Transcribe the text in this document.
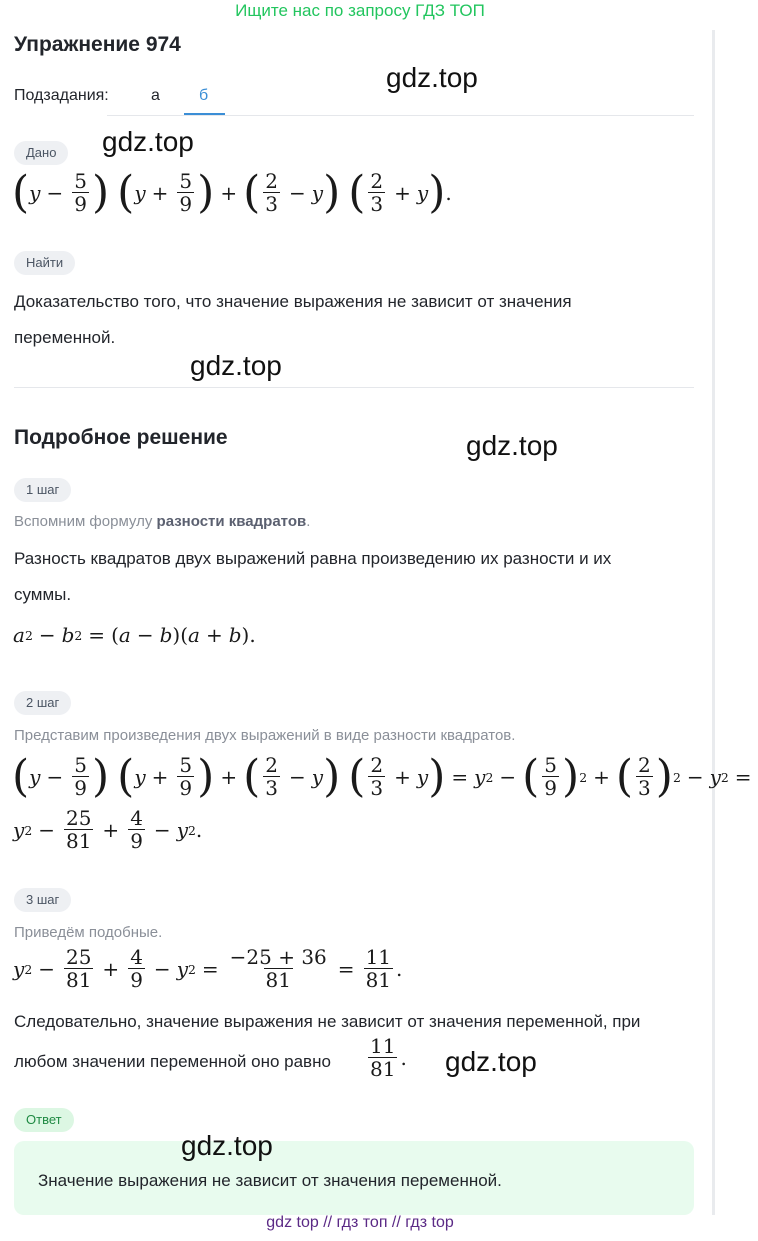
Ищите нас по запросу ГДЗ ТОП
Упражнение 974
Подзадания:	а б
gdz.top
Дано	gdz.top
( $y - \frac{5}{9}$ ) ( $y + \frac{5}{9}$ ) + ( $\frac{2}{3} - y$ ) ( $\frac{2}{3} + y$ ) .
Найти
Доказательство того, что значение выражения не зависит от значения
переменной.
gdz.top
Подробное решение	gdz.top
1 шаг
Вспомним формулу разности квадратов.
Разность квадратов двух выражений равна произведению их разности и их
суммы.
a 2 − b 2 = ( a − b )( a + b ).
2 шаг
Представим произведения двух выражений в виде разности квадратов.
( $y - \frac{5}{9}$ ) ( $y + \frac{5}{9}$ ) + ( $\frac{2}{3} - y$ ) ( $\frac{2}{3} + y$ ) = y 2 − ( $\frac{5}{9}$ ) 2 + ( $\frac{2}{3}$ ) 2 − y 2 =
y $2 - \frac{25}{81} + \frac{4}{9} - y$ 2 .
3 шаг
Приведём подобные.
y $2 - \frac{25}{81} + \frac{4}{9} - y$ $2 = \frac{-25 + 36}{81} = \frac{11}{81}$ .
Следовательно, значение выражения не зависит от значения переменной, при
любом значении переменной оно равно $\frac{11}{81}$ . gdz.top
Ответ
gdz.top
Значение выражения не зависит от значения переменной.
gdz top // гдз топ // гдз top
